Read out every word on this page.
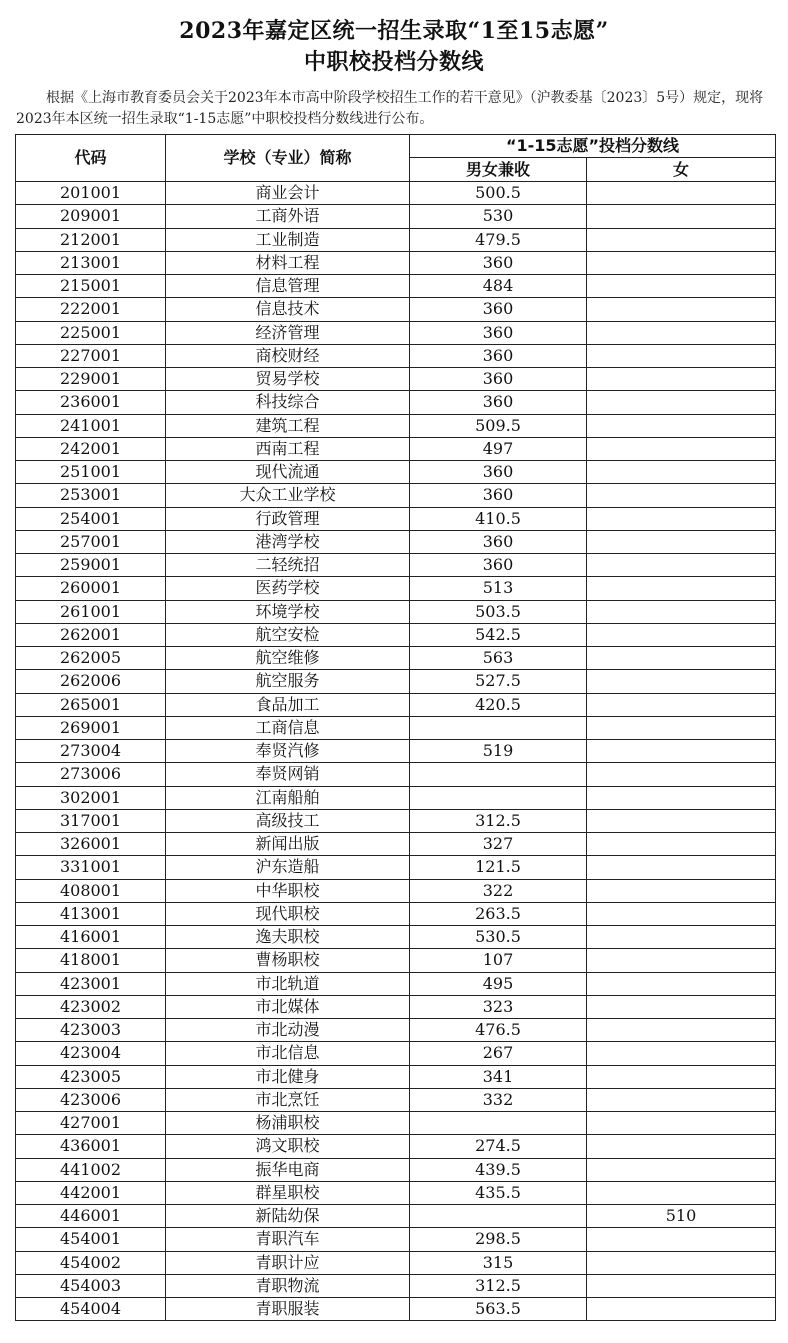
2023年嘉定区统一招生录取“1至15志愿”
中职校投档分数线
根据《上海市教育委员会关于2023年本市高中阶段学校招生工作的若干意见》（沪教委基〔2023〕5号）规定，现将2023年本区统一招生录取“1-15志愿”中职校投档分数线进行公布。
代码	学校（专业）简称	“1-15志愿”投档分数线	
		男女兼收	女
201001	商业会计	500.5	
209001	工商外语	530	
212001	工业制造	479.5	
213001	材料工程	360	
215001	信息管理	484	
222001	信息技术	360	
225001	经济管理	360	
227001	商校财经	360	
229001	贸易学校	360	
236001	科技综合	360	
241001	建筑工程	509.5	
242001	西南工程	497	
251001	现代流通	360	
253001	大众工业学校	360	
254001	行政管理	410.5	
257001	港湾学校	360	
259001	二轻统招	360	
260001	医药学校	513	
261001	环境学校	503.5	
262001	航空安检	542.5	
262005	航空维修	563	
262006	航空服务	527.5	
265001	食品加工	420.5	
269001	工商信息		
273004	奉贤汽修	519	
273006	奉贤网销		
302001	江南船舶		
317001	高级技工	312.5	
326001	新闻出版	327	
331001	沪东造船	121.5	
408001	中华职校	322	
413001	现代职校	263.5	
416001	逸夫职校	530.5	
418001	曹杨职校	107	
423001	市北轨道	495	
423002	市北媒体	323	
423003	市北动漫	476.5	
423004	市北信息	267	
423005	市北健身	341	
423006	市北烹饪	332	
427001	杨浦职校		
436001	鸿文职校	274.5	
441002	振华电商	439.5	
442001	群星职校	435.5	
446001	新陆幼保		510
454001	青职汽车	298.5	
454002	青职计应	315	
454003	青职物流	312.5	
454004	青职服装	563.5	
